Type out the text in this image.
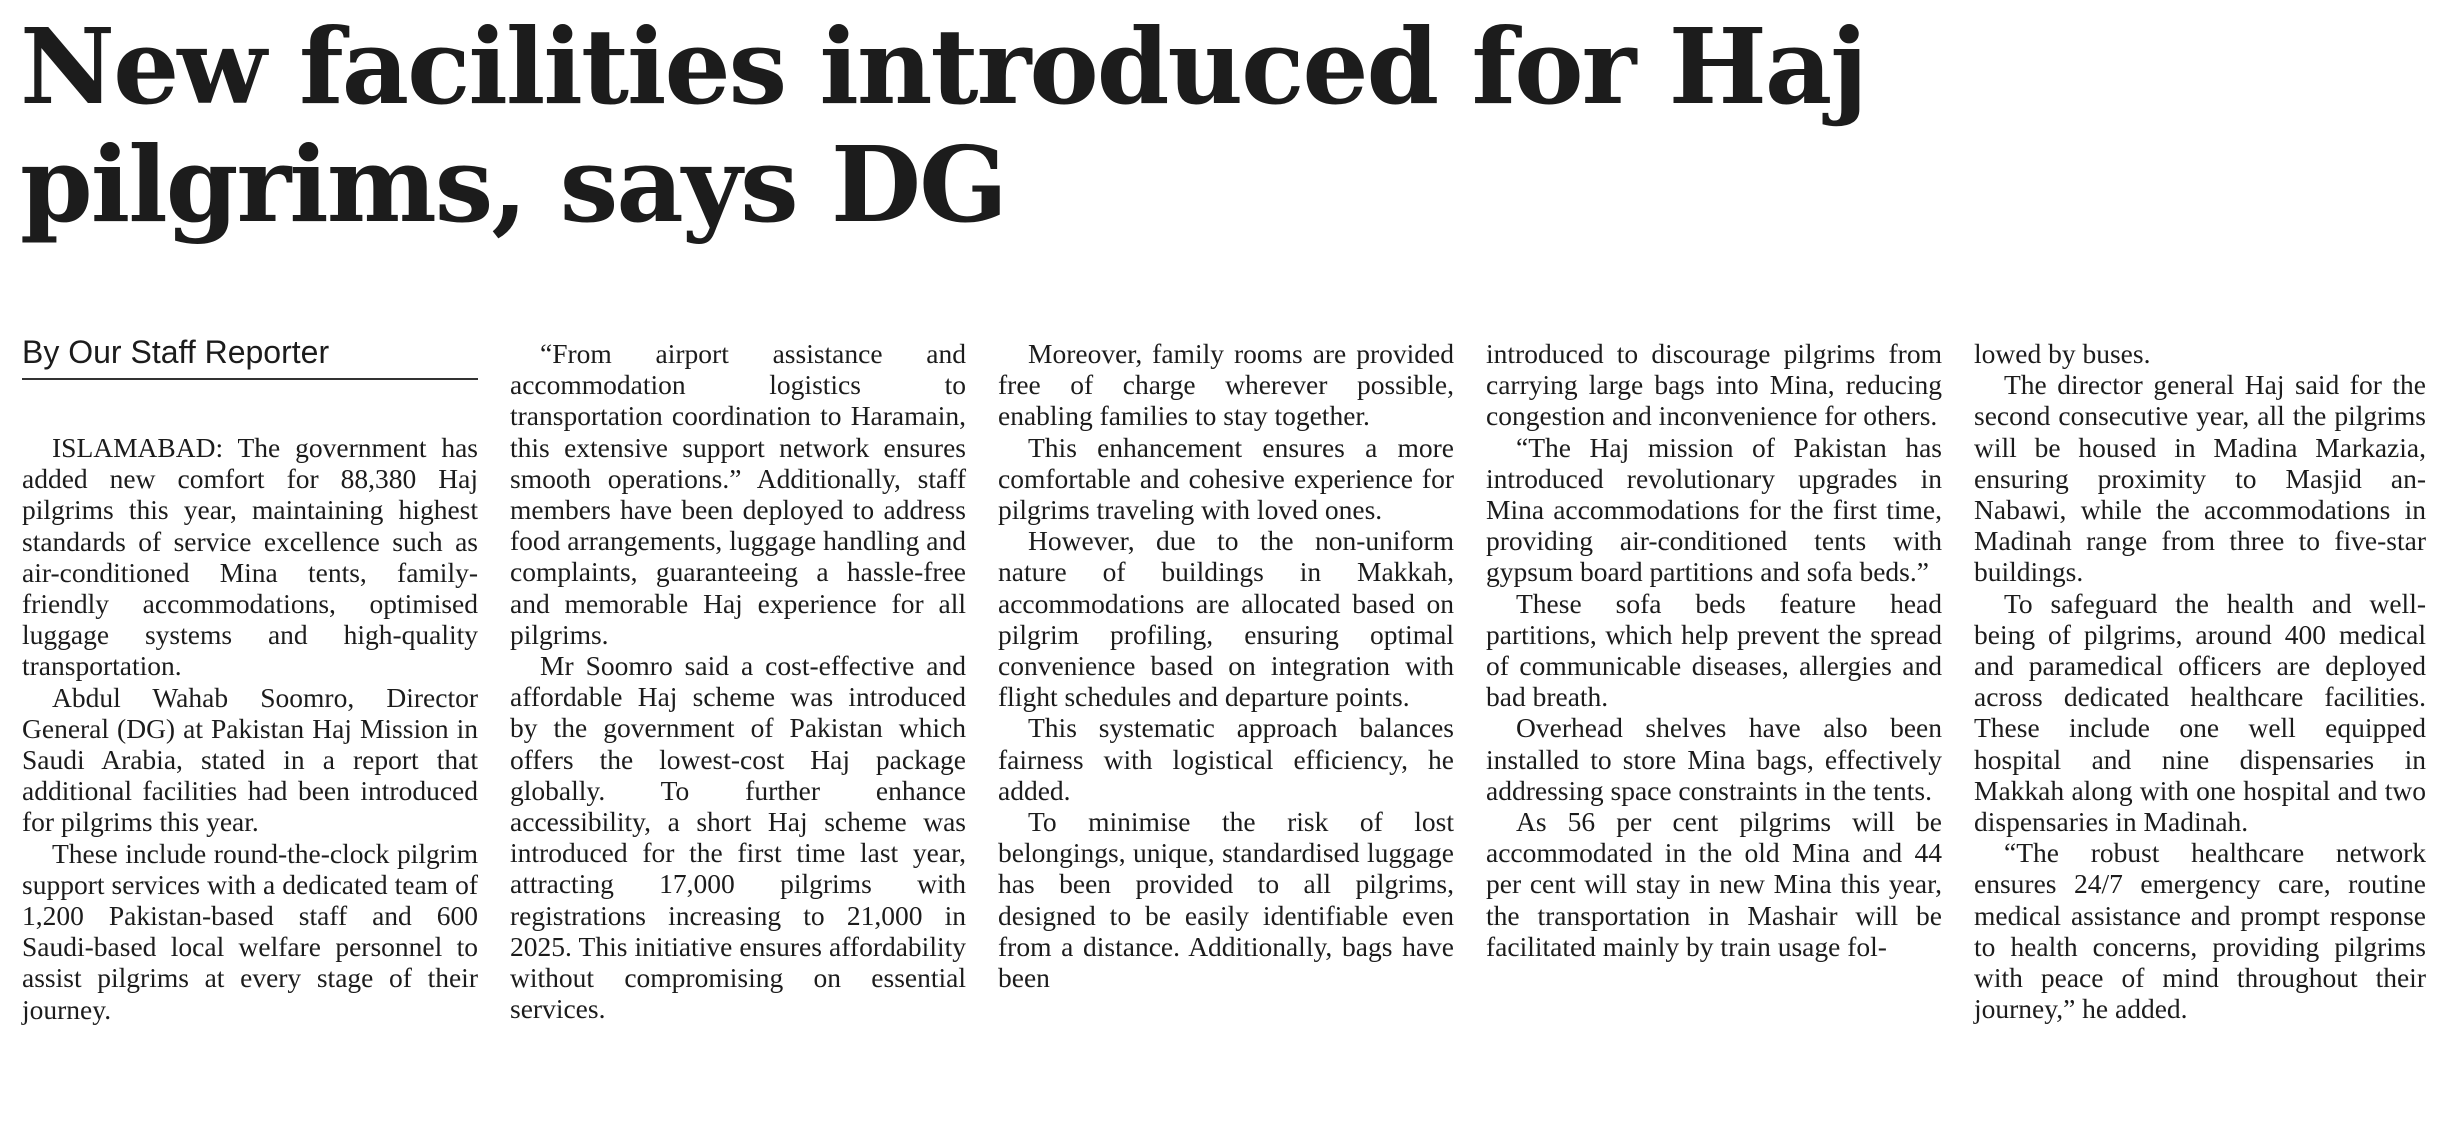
New facilities introduced for Haj
pilgrims, says DG
By Our Staff Reporter

ISLAMABAD: The government has added new comfort for 88,380 Haj pilgrims this year, maintaining highest standards of service excellence such as air-conditioned Mina tents, family-friendly accommodations, optimised luggage systems and high-quality transportation.

Abdul Wahab Soomro, Director General (DG) at Pakistan Haj Mission in Saudi Arabia, stated in a report that additional facilities had been introduced for pilgrims this year.

These include round-the-clock pilgrim support services with a dedicated team of 1,200 Pakistan-based staff and 600 Saudi-based local welfare personnel to assist pilgrims at every stage of their journey.

“From airport assistance and accommodation logistics to transportation coordination to Haramain, this extensive support network ensures smooth operations.” Additionally, staff members have been deployed to address food arrangements, luggage handling and complaints, guaranteeing a hassle-free and memorable Haj experience for all pilgrims.

Mr Soomro said a cost-effective and affordable Haj scheme was introduced by the government of Pakistan which offers the lowest-cost Haj package globally. To further enhance accessibility, a short Haj scheme was introduced for the first time last year, attracting 17,000 pilgrims with registrations increasing to 21,000 in 2025. This initiative ensures affordability without compromising on essential services.

Moreover, family rooms are provided free of charge wherever possible, enabling families to stay together.

This enhancement ensures a more comfortable and cohesive experience for pilgrims traveling with loved ones.

However, due to the non-uniform nature of buildings in Makkah, accommodations are allocated based on pilgrim profiling, ensuring optimal convenience based on integration with flight schedules and departure points.

This systematic approach balances fairness with logistical efficiency, he added.

To minimise the risk of lost belongings, unique, standardised luggage has been provided to all pilgrims, designed to be easily identifiable even from a distance. Additionally, bags have been

introduced to discourage pilgrims from carrying large bags into Mina, reducing congestion and inconvenience for others.

“The Haj mission of Pakistan has introduced revolutionary upgrades in Mina accommodations for the first time, providing air-conditioned tents with gypsum board partitions and sofa beds.”

These sofa beds feature head partitions, which help prevent the spread of communicable diseases, allergies and bad breath.

Overhead shelves have also been installed to store Mina bags, effectively addressing space constraints in the tents.

As 56 per cent pilgrims will be accommodated in the old Mina and 44 per cent will stay in new Mina this year, the transportation in Mashair will be facilitated mainly by train usage fol-

lowed by buses.

The director general Haj said for the second consecutive year, all the pilgrims will be housed in Madina Markazia, ensuring proximity to Masjid an-Nabawi, while the accommodations in Madinah range from three to five-star buildings.

To safeguard the health and well-being of pilgrims, around 400 medical and paramedical officers are deployed across dedicated healthcare facilities. These include one well equipped hospital and nine dispensaries in Makkah along with one hospital and two dispensaries in Madinah.

“The robust healthcare network ensures 24/7 emergency care, routine medical assistance and prompt response to health concerns, providing pilgrims with peace of mind throughout their journey,” he added.
